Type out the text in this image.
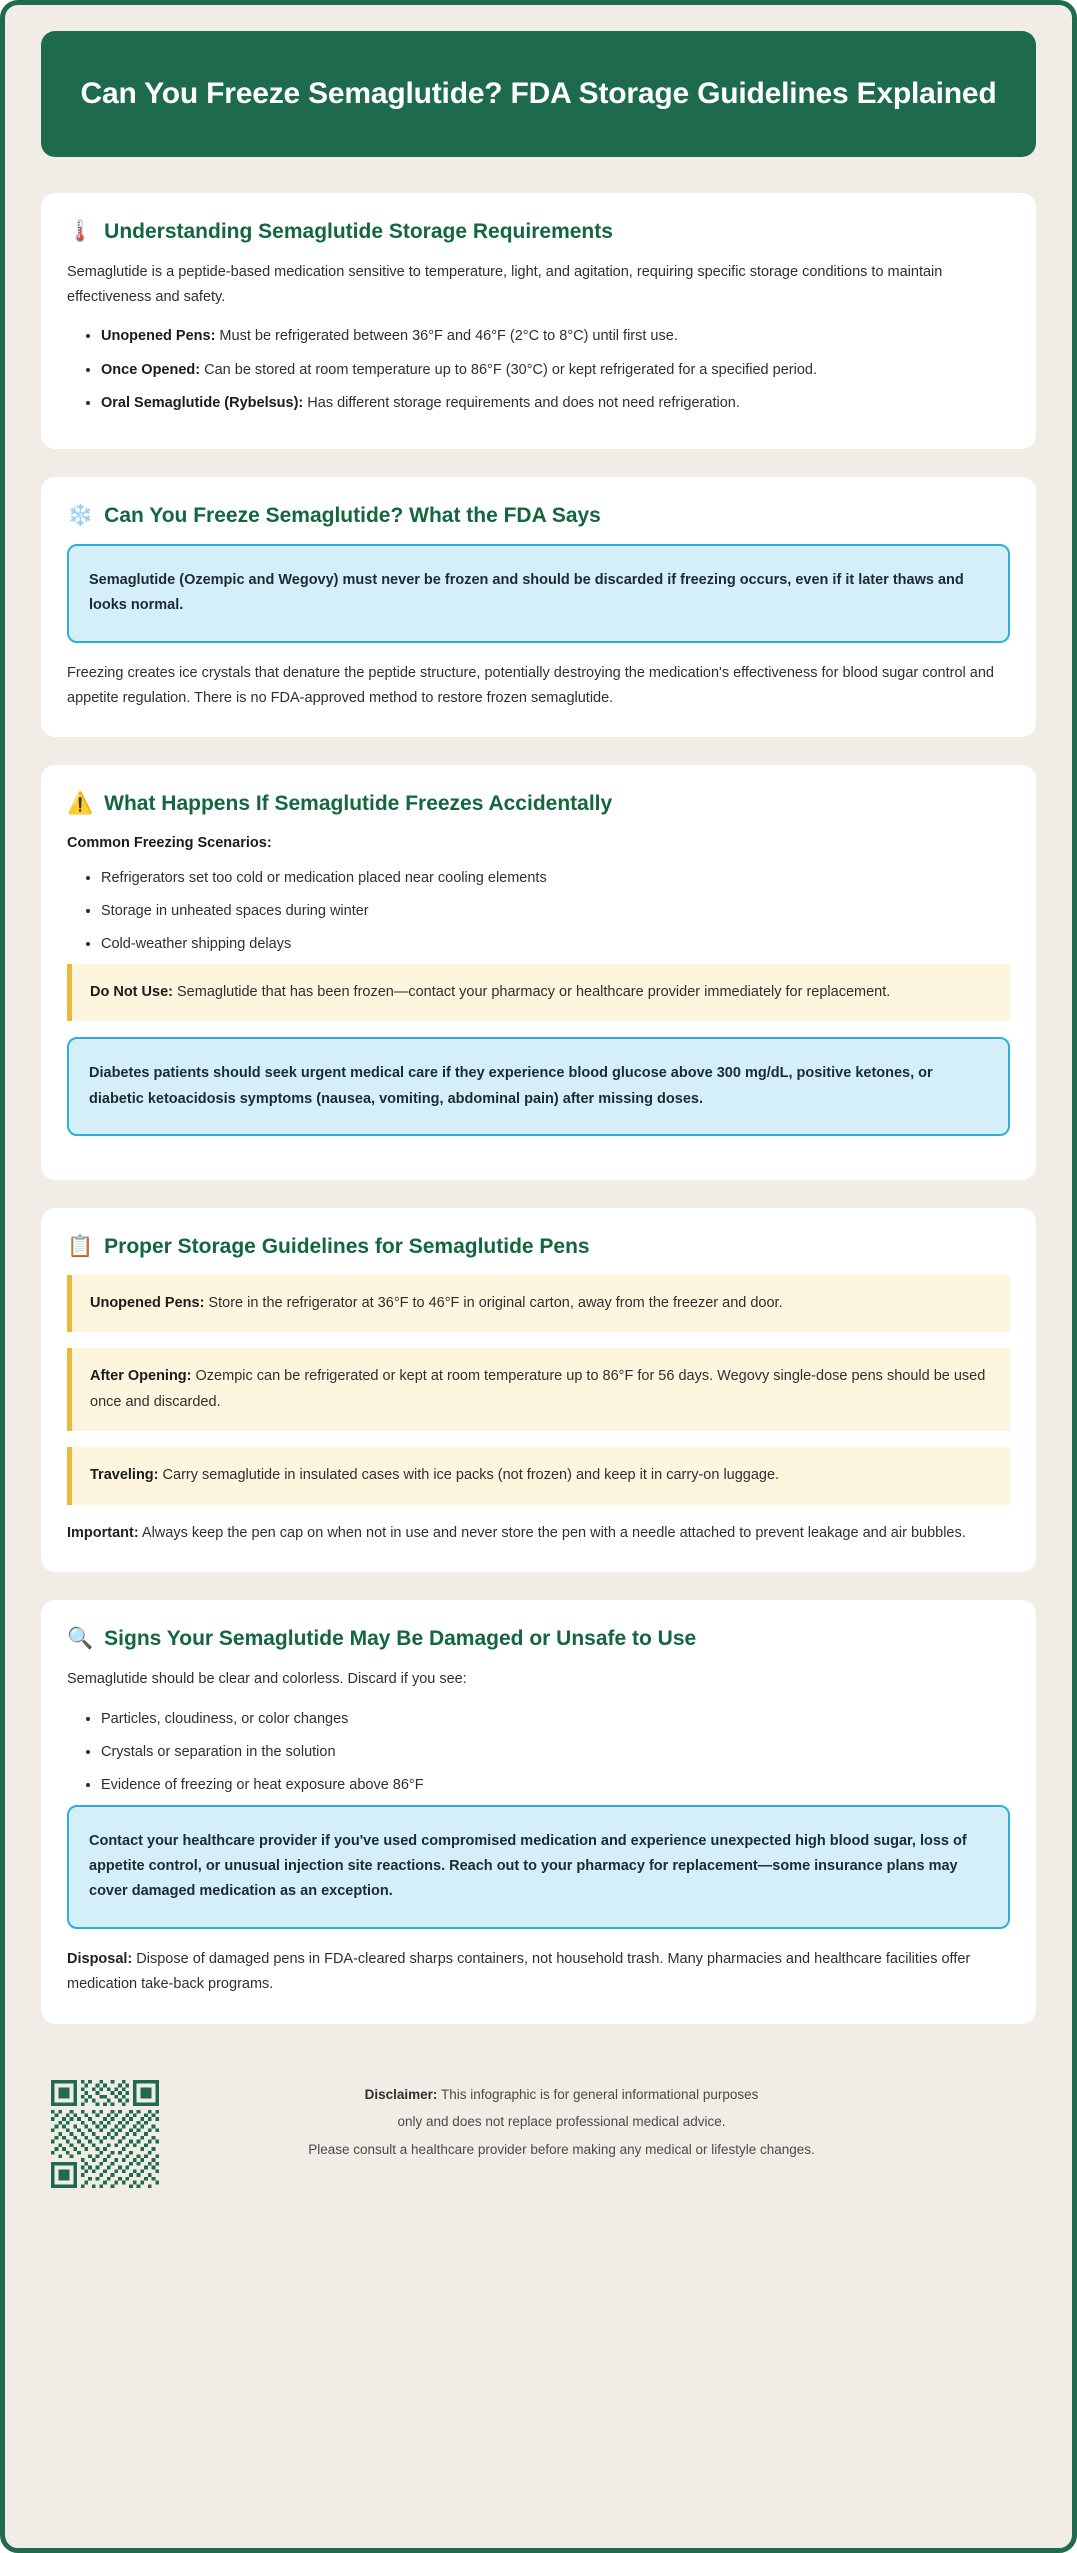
Can You Freeze Semaglutide? FDA Storage Guidelines Explained
🌡️ Understanding Semaglutide Storage Requirements

Semaglutide is a peptide-based medication sensitive to temperature, light, and agitation, requiring specific storage conditions to maintain effectiveness and safety.

• Unopened Pens: Must be refrigerated between 36°F and 46°F (2°C to 8°C) until first use.
• Once Opened: Can be stored at room temperature up to 86°F (30°C) or kept refrigerated for a specified period.
• Oral Semaglutide (Rybelsus): Has different storage requirements and does not need refrigeration.
❄️ Can You Freeze Semaglutide? What the FDA Says

Semaglutide (Ozempic and Wegovy) must never be frozen and should be discarded if freezing occurs, even if it later thaws and looks normal.

Freezing creates ice crystals that denature the peptide structure, potentially destroying the medication's effectiveness for blood sugar control and appetite regulation. There is no FDA-approved method to restore frozen semaglutide.

⚠️ What Happens If Semaglutide Freezes Accidentally

Common Freezing Scenarios:

• Refrigerators set too cold or medication placed near cooling elements
• Storage in unheated spaces during winter
• Cold-weather shipping delays

Do Not Use: Semaglutide that has been frozen—contact your pharmacy or healthcare provider immediately for replacement.

Diabetes patients should seek urgent medical care if they experience blood glucose above 300 mg/dL, positive ketones, or diabetic ketoacidosis symptoms (nausea, vomiting, abdominal pain) after missing doses.

📋 Proper Storage Guidelines for Semaglutide Pens

Unopened Pens: Store in the refrigerator at 36°F to 46°F in original carton, away from the freezer and door.

After Opening: Ozempic can be refrigerated or kept at room temperature up to 86°F for 56 days. Wegovy single-dose pens should be used once and discarded.

Traveling: Carry semaglutide in insulated cases with ice packs (not frozen) and keep it in carry-on luggage.

Important: Always keep the pen cap on when not in use and never store the pen with a needle attached to prevent leakage and air bubbles.

🔍 Signs Your Semaglutide May Be Damaged or Unsafe to Use

Semaglutide should be clear and colorless. Discard if you see:

• Particles, cloudiness, or color changes
• Crystals or separation in the solution
• Evidence of freezing or heat exposure above 86°F

Contact your healthcare provider if you've used compromised medication and experience unexpected high blood sugar, loss of appetite control, or unusual injection site reactions. Reach out to your pharmacy for replacement—some insurance plans may cover damaged medication as an exception.

Disposal: Dispose of damaged pens in FDA-cleared sharps containers, not household trash. Many pharmacies and healthcare facilities offer medication take-back programs.

Disclaimer: This infographic is for general informational purposes

only and does not replace professional medical advice.

Please consult a healthcare provider before making any medical or lifestyle changes.
